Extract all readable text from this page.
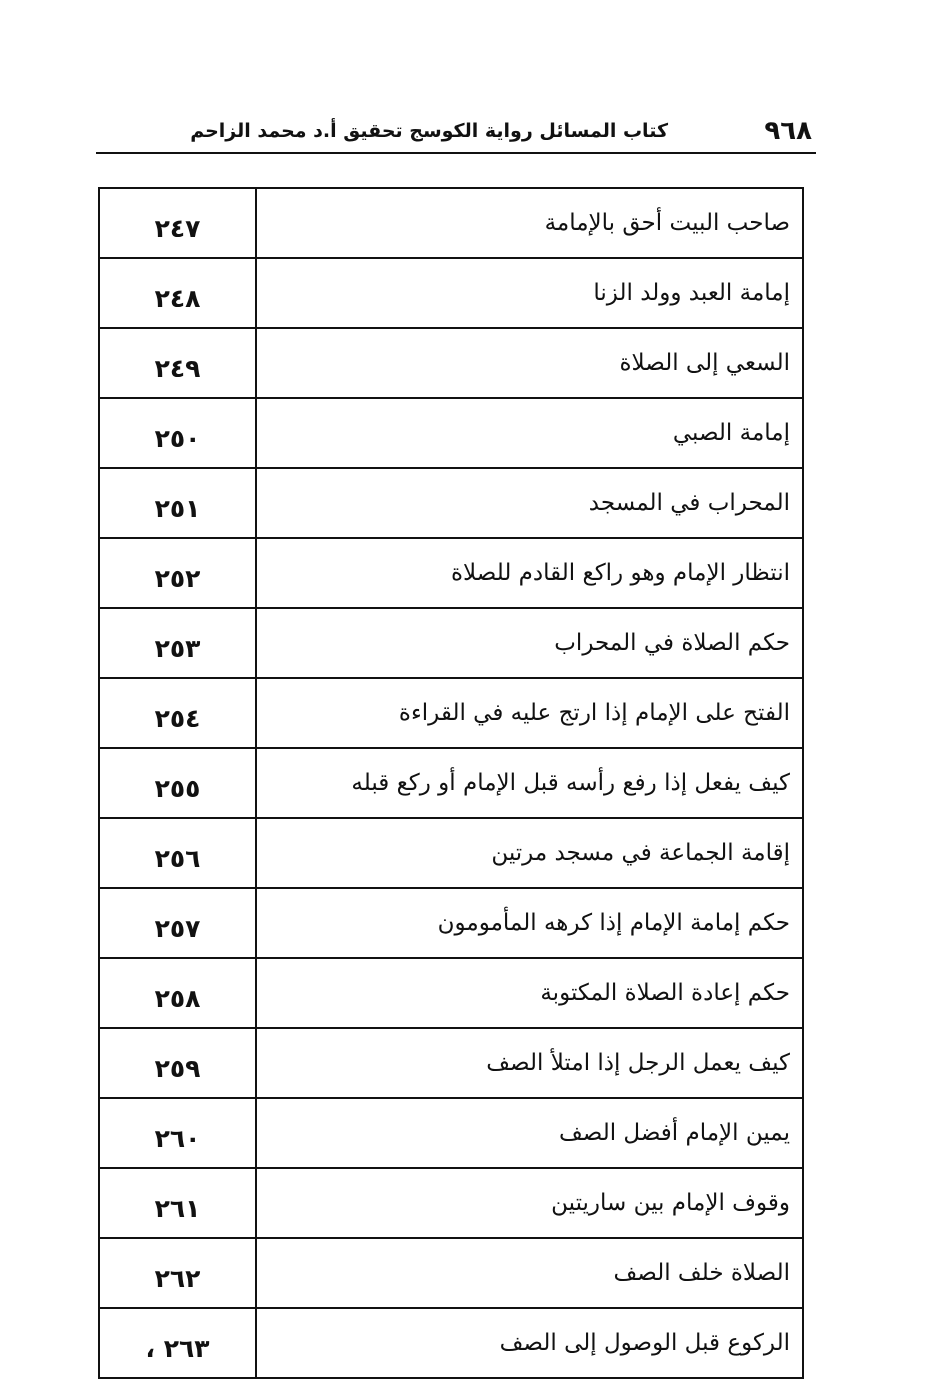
٩٦٨
كتاب المسائل رواية الكوسج تحقيق أ.د محمد الزاحم
صاحب البيت أحق بالإمامة	٢٤٧
إمامة العبد وولد الزنا	٢٤٨
السعي إلى الصلاة	٢٤٩
إمامة الصبي	٢٥٠
المحراب في المسجد	٢٥١
انتظار الإمام وهو راكع القادم للصلاة	٢٥٢
حكم الصلاة في المحراب	٢٥٣
الفتح على الإمام إذا ارتج عليه في القراءة	٢٥٤
كيف يفعل إذا رفع رأسه قبل الإمام أو ركع قبله	٢٥٥
إقامة الجماعة في مسجد مرتين	٢٥٦
حكم إمامة الإمام إذا كرهه المأمومون	٢٥٧
حكم إعادة الصلاة المكتوبة	٢٥٨
كيف يعمل الرجل إذا امتلأ الصف	٢٥٩
يمين الإمام أفضل الصف	٢٦٠
وقوف الإمام بين ساريتين	٢٦١
الصلاة خلف الصف	٢٦٢
الركوع قبل الوصول إلى الصف	٢٦٣ ،
